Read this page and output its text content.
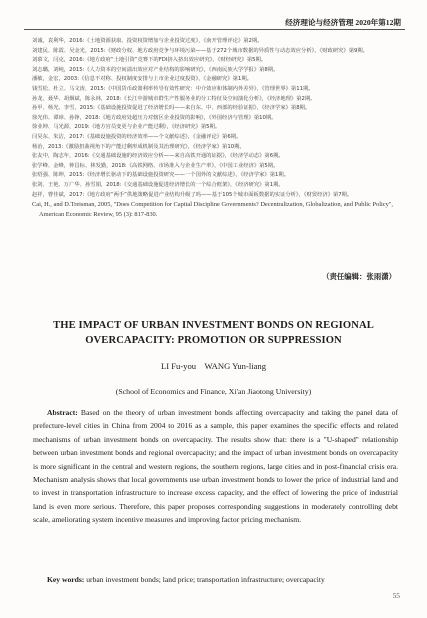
经济理论与经济管理 2020年第12期

刘诚，袁利华，2016:《土地资源获取、投资权资增加与企业投资过度》，《南开管理评论》第2期。

刘建民、陈霞、吴金光，2015:《财政分权、地方政府竞争与环境污染——基于272个城市数据的异质性与动态效应分析》，《财政研究》第9期。

刘慕文，闫克，2016:《地方政府“土地引资”竞赛下的FDI挤入挤出效应研究》，《财经研究》第5期。

刘志璐，刘纯，2015:《人力资本的空间溢出效应对产业结构的影响研究》，《西南民族大学学报》第8期。

潘敏，金宏，2003:《信息不对称、投权制度安排与上市企业过度投资》，《金融研究》第1期。

钱雪松、杜立、马文涛，2015:《中国货币政策利率传导有效性研究：中介效应和体制内外差异》，《管理世界》第11期。

孙龙、聂华、胡烟斌，陈永林，2018:《长江中游城市群生产性服务业的分工特征及空间演化分析》，《经济地理》第2期。

孙甲、杨光、李雪，2015:《基础设施投资促进了经济增长吗——来自东、中、西部的经验证据》，《经济学家》第8期。

徐光伟、谭璋、孙铮，2018:《地方政府处超压力对辖区企业投资的影响》，《外国经济与管理》第10期。

徐业坤、马光源，2019:《地方官员变更与企业产能过剩》，《经济研究》第5期。

闫昊东、朱洁，2017:《基础设施投资的经济效率——个文献综述》，《金融评论》第6期。

杨治，2013:《激励扭曲视角下的产能过剩形成机制及其治理研究》，《经济学家》第10期。

张友中，陶志年，2016:《交通基础设施的经济效应分析——来自高铁开通的证据》，《经济学动态》第6期。

张学峰、金峰，钟昌标、林发勤，2018:《高铁网络、市场准入与企业生产率》，《中国工业经济》第5期。

张绍强、陈坤，2015:《经济增长驱动下的基础设施投资研究——一个国外的文献综述》，《经济学家》第1期。

张剑、王艳、万广华、孙雪娟，2018:《交通基础设施促进经济增长的一个综合框架》，《经济研究》第1期。

赵祥，曹佳斌，2017:《地方政府“两手”供地策略促进产业结构升级了吗——基于105个城市面板数据的实证分析》，《财贸经济》第7期。

Cai, H., and D.Treisman, 2005, "Does Competition for Capital Discipline Governments? Decentralization, Globalization, and Public Policy", American Economic Review, 95 (3): 817-830.

（责任编辑：张雨潇）
THE IMPACT OF URBAN INVESTMENT BONDS ON REGIONAL
OVERCAPACITY: PROMOTION OR SUPPRESSION
LI Fu-you    WANG Yun-liang
(School of Economics and Finance, Xi'an Jiaotong University)
Abstract: Based on the theory of urban investment bonds affecting overcapacity and taking the panel data of prefecture-level cities in China from 2004 to 2016 as a sample, this paper examines the specific effects and related mechanisms of urban investment bonds on overcapacity. The results show that: there is a "U-shaped" relationship between urban investment bonds and regional overcapacity; and the impact of urban investment bonds on overcapacity is more significant in the central and western regions, the southern regions, large cities and in post-financial crisis era. Mechanism analysis shows that local governments use urban investment bonds to lower the price of industrial land and to invest in transportation infrastructure to increase excess capacity, and the effect of lowering the price of industrial land is even more serious. Therefore, this paper proposes corresponding suggestions in moderately controlling debt scale, ameliorating system incentive measures and improving factor pricing mechanism.
Key words: urban investment bonds; land price; transportation infrastructure; overcapacity
55
